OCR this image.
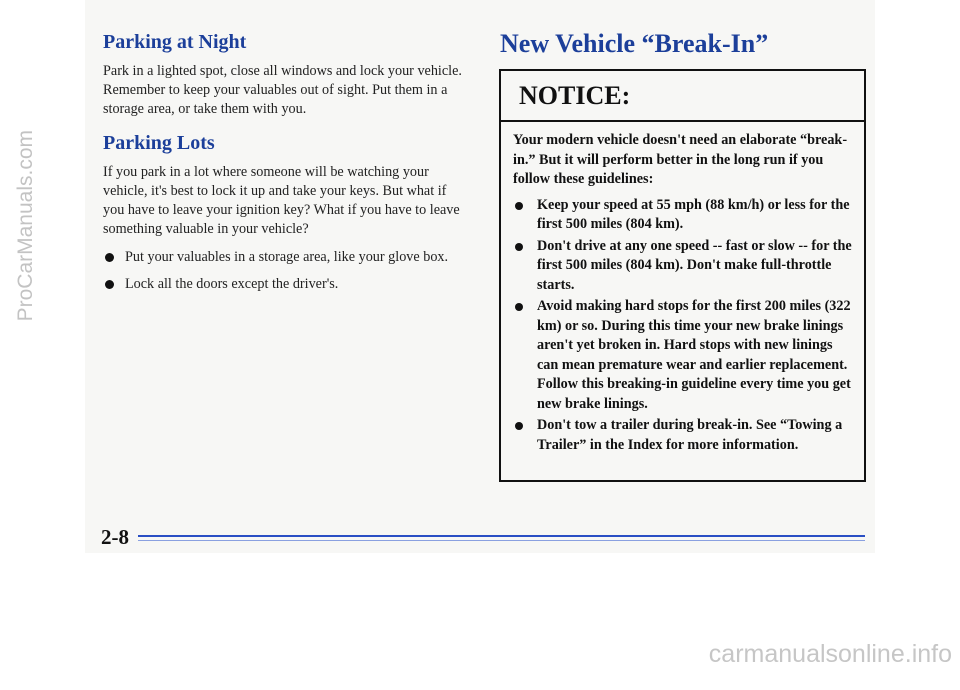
Parking at Night

Park in a lighted spot, close all windows and lock your vehicle. Remember to keep your valuables out of sight. Put them in a storage area, or take them with you.

Parking Lots

If you park in a lot where someone will be watching your vehicle, it's best to lock it up and take your keys. But what if you have to leave your ignition key? What if you have to leave something valuable in your vehicle?

Put your valuables in a storage area, like your glove box.
Lock all the doors except the driver's.
New Vehicle “Break-In”
NOTICE:

Your modern vehicle doesn't need an elaborate “break-in.” But it will perform better in the long run if you follow these guidelines:

Keep your speed at 55 mph (88 km/h) or less for the first 500 miles (804 km).
Don't drive at any one speed -- fast or slow -- for the first 500 miles (804 km). Don't make full-throttle starts.
Avoid making hard stops for the first 200 miles (322 km) or so. During this time your new brake linings aren't yet broken in. Hard stops with new linings can mean premature wear and earlier replacement. Follow this breaking-in guideline every time you get new brake linings.
Don't tow a trailer during break-in. See “Towing a Trailer” in the Index for more information.
2-8
ProCarManuals.com
carmanualsonline.info
